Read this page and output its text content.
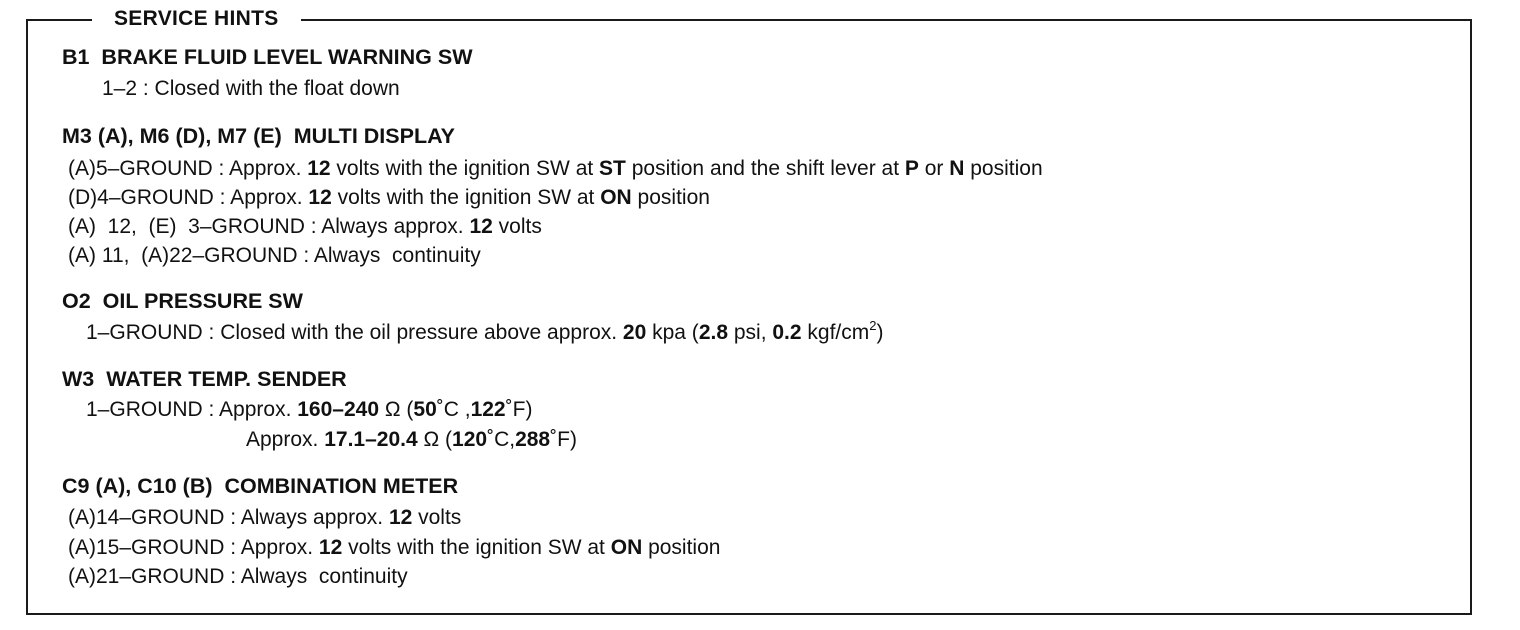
SERVICE HINTS
B1  BRAKE FLUID LEVEL WARNING SW
1–2 : Closed with the float down
M3 (A), M6 (D), M7 (E)  MULTI DISPLAY
(A)5–GROUND : Approx. 12 volts with the ignition SW at ST position and the shift lever at P or N position
(D)4–GROUND : Approx. 12 volts with the ignition SW at ON position
(A)  12,  (E)  3–GROUND : Always approx. 12 volts
(A) 11,  (A)22–GROUND : Always  continuity
O2  OIL PRESSURE SW
1–GROUND : Closed with the oil pressure above approx. 20 kpa (2.8 psi, 0.2 kgf/$cm^2$)
W3  WATER TEMP. SENDER
1–GROUND : Approx. 160–240 Ω (50˚C ,122˚F)
Approx. 17.1–20.4 Ω (120˚C,288˚F)
C9 (A), C10 (B)  COMBINATION METER
(A)14–GROUND : Always approx. 12 volts
(A)15–GROUND : Approx. 12 volts with the ignition SW at ON position
(A)21–GROUND : Always  continuity
